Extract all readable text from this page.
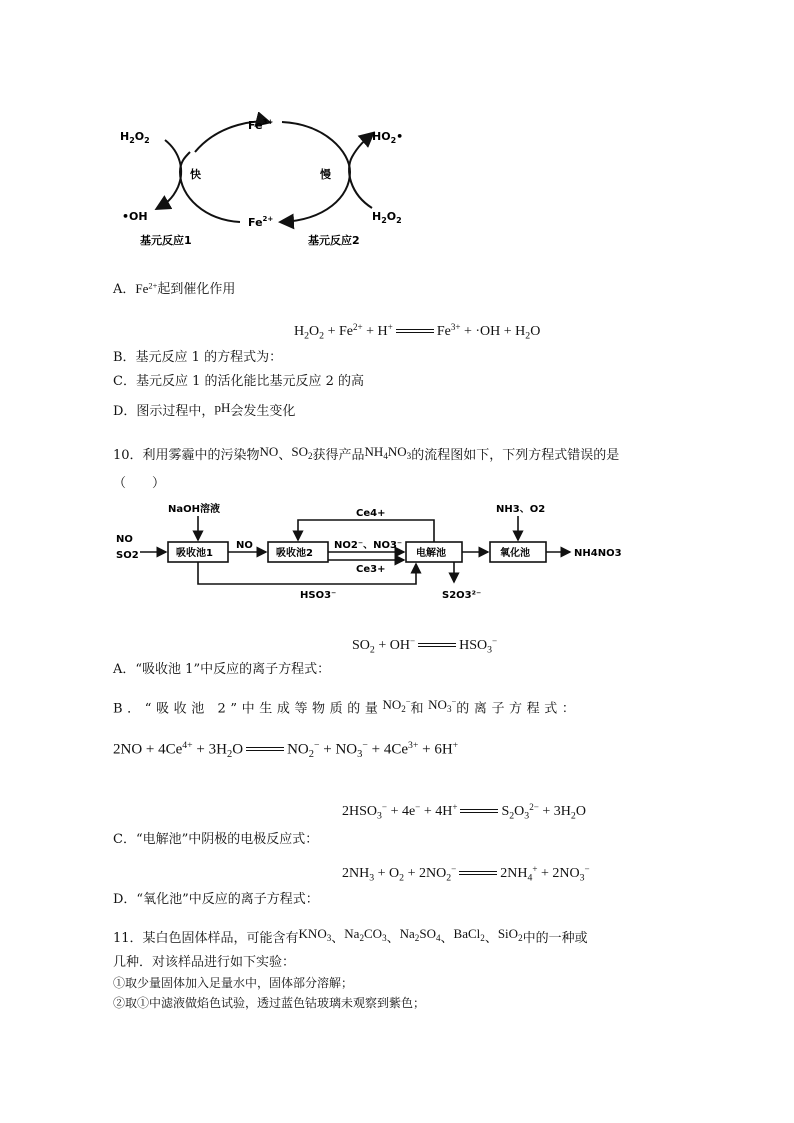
$H_2O_2$
•OH
$Fe^{3+}$
$Fe^{2+}$
$HO_2•$
$H_2O_2$
快	慢
基元反应1	基元反应2
A．$Fe^{2+}$起到催化作用
$H_2O_2 + Fe^{2+} + H^+$	$Fe^{3+} + \cdot OH + H_2O$
B．基元反应 1 的方程式为：
C．基元反应 1 的活化能比基元反应 2 的高
D．图示过程中，pH会发生变化
10．利用雾霾中的污染物NO、$SO_2$获得产品$NH_4NO_3$的流程图如下，下列方程式错误的是
（　　）
NO
SO2
NaOH溶液
吸收池1
NO
吸收池2
Ce4+
NO2⁻、NO3⁻
Ce3+
电解池
HSO3⁻	S2O3²⁻
NH3、O2
氧化池	NH4NO3
$SO_2 + OH^-$	$HSO_3^-$
A．“吸收池 1”中反应的离子方程式：
B．“吸收池 2”中生成等物质的量$NO_2^-$和$NO_3^-$的离子方程式：
$2NO + 4Ce^{4+} + 3H_2O$	$NO_2^- + NO_3^- + 4Ce^{3+} + 6H^+$
$2HSO_3^- + 4e^- + 4H^+$	$S_2O_3^{2-} + 3H_2O$
C．“电解池”中阴极的电极反应式：
$2NH_3 + O_2 + 2NO_2^-$	$2NH_4^+ + 2NO_3^-$
D．“氧化池”中反应的离子方程式：
11．某白色固体样品，可能含有$KNO_3$、$Na_2CO_3$、$Na_2SO_4$、BaCl$_2$、SiO$_2$中的一种或
几种．对该样品进行如下实验：
①取少量固体加入足量水中，固体部分溶解；
②取①中滤液做焰色试验，透过蓝色钴玻璃未观察到紫色；
